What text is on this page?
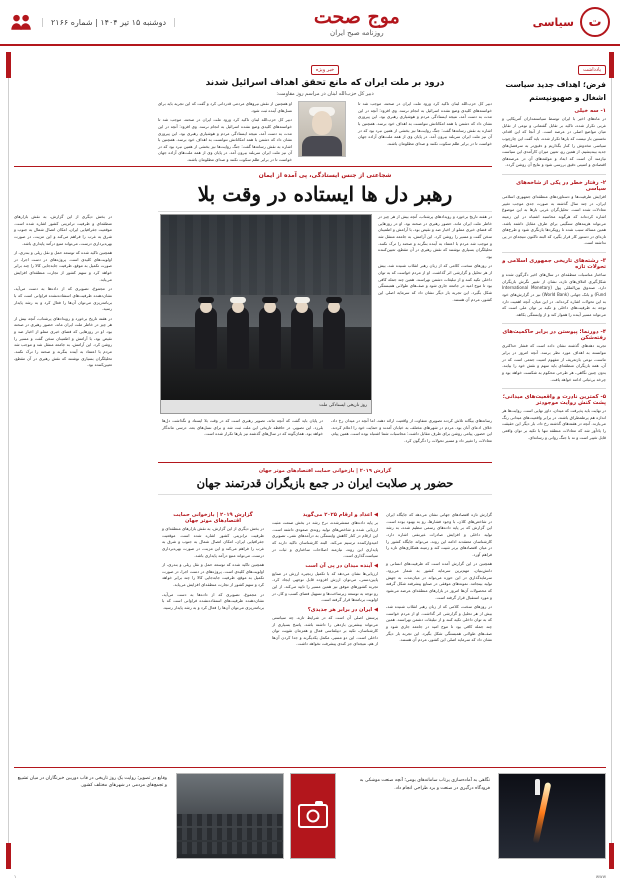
ت
سیاسی
موج صحت
روزنامه صبح ایران
دوشنبه ۱۵ تیر ۱۴۰۴ | شماره ۲۱۶۶
یادداشت
فرض؛ اهداف جدید سیاست
اشغال و صهیونیستم
۱- سه خیلی

در ماه‌های اخیر با ایران توسط سیاستمداران آمریکایی و غربی تکرار شده، تاکید بر تقابل گفتمانی و نوعی از تقابل میان مواضع اصلی در عرصه است. از آنجا که این اقدام، نخستین بار نیست که بارها تکرار شده، باید گفت این چارچوب سیاسی مخدوش را کنار بگذاریم و دقیق‌تر به سرفصل‌های جدید بیندیشیم. از همین رو، تعیین میزان کارآمدی این سیاست نیازمند آن است که ابعاد و مولفه‌های آن در عرصه‌های اقتصادی و امنیتی دقیق بررسی شود و نتایج آن روشن گردد.

۲- رفتار خطر در یکی از شاخه‌های سیاسی

افزایش ظرفیت‌ها و دستاوردهای منطقه‌ای جمهوری اسلامی ایران، در چند سال گذشته به صورت جدی موجب تغییر معادلات شده است. تحلیل‌گران غربی بارها به این موضوع اشاره کرده‌اند که هرگونه محاسبه اشتباه در این زمینه می‌تواند هزینه‌های سنگینی برای طرف مقابل داشته باشد. همین مساله سبب شده تا رویکردها بازنگری شود و طرح‌های تازه‌ای در دستور کار قرار بگیرد که البته تاکنون نتیجه‌ای در پی نداشته است.

۳- رشته‌های تاریخی جمهوری اسلامی و تحولات تازه

ساختار مناسبات منطقه‌ای در سال‌های اخیر دگرگون شده و شکل‌گیری ائتلاف‌های تازه، نشان از تغییر نگرش بازیگران دارد. صندوق بین‌المللی پول (International Monetary Fund) و بانک جهانی (World Bank) نیز در گزارش‌های خود به این تحولات اشاره کرده‌اند. در این میان، آنچه اهمیت دارد توجه به ظرفیت‌های داخلی و تکیه بر توان ملی است که می‌تواند مسیر آینده را هموار کند و از وابستگی بکاهد.

۴- دورنما؛ پیوستن در برابر حاکمیت‌های رفته‌شکن

تجربه دهه‌های گذشته نشان داده است که فشار حداکثری نتوانسته به اهداف مورد نظر برسد. آنچه امروز در برابر ماست، نوعی بازتعریف از مفهوم امنیت جمعی است که در آن، همه بازیگران منطقه‌ای باید سهم و نقش خود را بیابند. بدون چنین نگاهی، هر طرحی محکوم به شکست خواهد بود و چرخه بی‌ثباتی ادامه خواهد یافت.

۵- کمترین نادرت و واقعیت‌های میدانی؛ پشت کنش روایت موجودتر

در نهایت باید پذیرفت که میدان، داور نهایی است. روایت‌ها هر اندازه هم پرطمطراق باشند، در برابر واقعیت‌های میدانی رنگ می‌بازند. آنچه در هفته‌های گذشته رخ داد، بار دیگر این حقیقت را یادآور شد که معادلات منطقه تنها با تکیه بر توان واقعی قابل تغییر است و نه با جنگ روانی و رسانه‌ای.

خبر ویژه
درود بر ملت ایران که مانع تحقق اهداف اسرائیل شدند
دبیر کل حزب‌الله لبنان در مراسم روز مقاومت:

دبیر کل حزب‌الله لبنان تاکید کرد ورود ملت ایران در صحنه، موجب شد تا خواسته‌های کلیدی وضع نشده اسرائیل به انجام نرسد. وی افزود: آنچه در این مدت به دست آمد، نتیجه ایستادگی مردم و هوشیاری رهبری بود. این پیروزی نشان داد که دشمن با همه امکاناتش نتوانست به اهداف خود برسد. همچنین با اشاره به نقش رسانه‌ها گفت: جنگ روایت‌ها نیز بخشی از همین نبرد بود که در آن نیز ملت ایران سربلند بیرون آمد. در پایان وی از همه ملت‌های آزاده جهان خواست تا در برابر ظلم سکوت نکنند و صدای مظلومان باشند.

او همچنین از نقش نیروهای مردمی قدردانی کرد و گفت که این تجربه باید برای نسل‌های آینده ثبت شود.

دبیر کل حزب‌الله لبنان تاکید کرد ورود ملت ایران در صحنه، موجب شد تا خواسته‌های کلیدی وضع نشده اسرائیل به انجام نرسد. وی افزود: آنچه در این مدت به دست آمد، نتیجه ایستادگی مردم و هوشیاری رهبری بود. این پیروزی نشان داد که دشمن با همه امکاناتش نتوانست به اهداف خود برسد. همچنین با اشاره به نقش رسانه‌ها گفت: جنگ روایت‌ها نیز بخشی از همین نبرد بود که در آن نیز ملت ایران سربلند بیرون آمد. در پایان وی از همه ملت‌های آزاده جهان خواست تا در برابر ظلم سکوت نکنند و صدای مظلومان باشند.

شجاعتی از جنس ایستادگی، پی آمده از ایمان
رهبر دل ها ایستاده در وقت بلا
روز تاریخی ایستادگی ملت

در هفته تاریخ برخورد و رویدادهای پرشتاب، آنچه بیش از هر چیز در خاطر ملت ایران ماند، حضور رهبری در صحنه بود. او در روزهایی که فضای خبری مملو از اخبار ضد و نقیض بود، با آرامش و اطمینان سخن گفت و مسیر را روشن کرد. این آرامش، به جامعه منتقل شد و موجب شد مردم با اعتماد به آینده بنگرند و صحنه را ترک نکنند. تحلیلگران بسیاری نوشتند که نقش رهبری در آن مقطع، تعیین‌کننده بود.

در روزهای سخت، کلامی که از زبان رهبر انقلاب شنیده شد، بیش از هر تحلیل و گزارشی اثر گذاشت. او از مردم خواست که به توان داخلی تکیه کنند و از تبلیغات دشمن نهراسند. همین چند جمله کافی بود تا موج امید در جامعه جاری شود و صف‌های طولانی همبستگی شکل بگیرد. این تجربه بار دیگر نشان داد که سرمایه اصلی این کشور، مردم آن هستند.

رسانه‌های بیگانه تلاش کردند تصویری متفاوت از واقعیت ارائه دهند، اما آنچه در میدان رخ داد، خلاف ادعای آنان بود. مردم در شهرهای مختلف به خیابان آمدند و حمایت خود را اعلام کردند. این حضور، پیامی روشن برای طرف مقابل داشت: محاسبات شما اشتباه بوده است. همین پیام، معادلات را تغییر داد و مسیر تحولات را دگرگون کرد.

در پایان باید گفت که آنچه ماند، تصویر رهبری است که در وقت بلا ایستاد و نگذاشت دل‌ها بلرزد. این تصویر، در حافظه تاریخی این ملت ثبت شد و برای نسل‌های بعد، درسی ماندگار خواهد بود. همان‌گونه که در سال‌های گذشته نیز بارها تکرار شده است.

در بخش دیگری از این گزارش، به نقش بازارهای منطقه‌ای و ظرفیت ترانزیتی کشور اشاره شده است. موقعیت جغرافیایی ایران، امکان اتصال شمال به جنوب و شرق به غرب را فراهم می‌کند و این مزیت، در صورت بهره‌برداری درست، می‌تواند منبع درآمد پایداری باشد.

همچنین تاکید شده که توسعه حمل و نقل ریلی و بندری، از اولویت‌های کلیدی است. پروژه‌های در دست اجرا، در صورت تکمیل به موقع، ظرفیت جابه‌جایی کالا را چند برابر خواهد کرد و سهم کشور از تجارت منطقه‌ای افزایش می‌یابد.

در مجموع، تصویری که از داده‌ها به دست می‌آید، نشان‌دهنده ظرفیت‌های استفاده‌نشده فراوانی است که با برنامه‌ریزی می‌توان آن‌ها را فعال کرد و به رشد پایدار رسید.

در هفته تاریخ برخورد و رویدادهای پرشتاب، آنچه بیش از هر چیز در خاطر ملت ایران ماند، حضور رهبری در صحنه بود. او در روزهایی که فضای خبری مملو از اخبار ضد و نقیض بود، با آرامش و اطمینان سخن گفت و مسیر را روشن کرد. این آرامش، به جامعه منتقل شد و موجب شد مردم با اعتماد به آینده بنگرند و صحنه را ترک نکنند. تحلیلگران بسیاری نوشتند که نقش رهبری در آن مقطع، تعیین‌کننده بود.

گزارش ۲۰۱۹ | بازخوانی حمایت اقتصادهای موثر جهان
حضور پر صلابت ایران در جمع بازیگران قدرتمند جهان

گزارش تازه اقتصادهای جهانی نشان می‌دهد که جایگاه ایران در شاخص‌های کلان، با وجود فشارها، رو به بهبود بوده است. این گزارش که بر پایه داده‌های رسمی تنظیم شده، به رشد تولید داخلی و افزایش صادرات غیرنفتی اشاره دارد. کارشناسان معتقدند ادامه این روند، می‌تواند جایگاه کشور را در میان اقتصادهای برتر تثبیت کند و زمینه همکاری‌های تازه را فراهم آورد.

همچنین در این گزارش آمده است که ظرفیت‌های انسانی و دانش‌بنیان، مهم‌ترین سرمایه کشور به شمار می‌رود. سرمایه‌گذاری در این حوزه می‌تواند در میان‌مدت به جهش تولید بینجامد. نمونه‌های موفقی در صنایع پیشرفته شکل گرفته که محصولات آن‌ها امروز در بازارهای منطقه‌ای عرضه می‌شود و مورد استقبال قرار گرفته است.

در روزهای سخت، کلامی که از زبان رهبر انقلاب شنیده شد، بیش از هر تحلیل و گزارشی اثر گذاشت. او از مردم خواست که به توان داخلی تکیه کنند و از تبلیغات دشمن نهراسند. همین چند جمله کافی بود تا موج امید در جامعه جاری شود و صف‌های طولانی همبستگی شکل بگیرد. این تجربه بار دیگر نشان داد که سرمایه اصلی این کشور، مردم آن هستند.

◀ اعداد و ارقام ۲۰۲۵ می‌گوید

بر پایه داده‌های منتشرشده، نرخ رشد در بخش صنعت مثبت ارزیابی شده و شاخص‌های تولید روندی صعودی داشته است. این ارقام در کنار کاهش وابستگی به درآمدهای نفتی، تصویری امیدوارکننده ترسیم می‌کند. البته کارشناسان تاکید دارند که پایداری این روند، نیازمند اصلاحات ساختاری و ثبات در سیاست‌گذاری است.

◀ آینده میدان در پی آن است

ارزیابی‌ها نشان می‌دهد که با تکمیل زنجیره ارزش در صنایع پایین‌دستی، می‌توان ارزش افزوده قابل توجهی ایجاد کرد. تجربه کشورهای موفق نیز همین مسیر را تایید می‌کند. از این رو توجه به توسعه زیرساخت‌ها و تسهیل فضای کسب و کار، در اولویت برنامه‌ها قرار گرفته است.

◀ ایران در برابر هر جدیدی؟

پرسش اصلی آن است که در شرایط تازه، چه سیاستی می‌تواند بیشترین بازدهی را داشته باشد. پاسخ بسیاری از کارشناسان، تکیه بر دیپلماسی فعال و همزمان تقویت توان داخلی است. این دو مسیر، مکمل یکدیگرند و جدا کردن آن‌ها از هم، نتیجه‌ای جز کندی پیشرفت نخواهد داشت.

گزارش ۲۰۱۹ | بازخوانی حمایت اقتصادهای موثر جهان

در بخش دیگری از این گزارش، به نقش بازارهای منطقه‌ای و ظرفیت ترانزیتی کشور اشاره شده است. موقعیت جغرافیایی ایران، امکان اتصال شمال به جنوب و شرق به غرب را فراهم می‌کند و این مزیت، در صورت بهره‌برداری درست، می‌تواند منبع درآمد پایداری باشد.

همچنین تاکید شده که توسعه حمل و نقل ریلی و بندری، از اولویت‌های کلیدی است. پروژه‌های در دست اجرا، در صورت تکمیل به موقع، ظرفیت جابه‌جایی کالا را چند برابر خواهد کرد و سهم کشور از تجارت منطقه‌ای افزایش می‌یابد.

در مجموع، تصویری که از داده‌ها به دست می‌آید، نشان‌دهنده ظرفیت‌های استفاده‌نشده فراوانی است که با برنامه‌ریزی می‌توان آن‌ها را فعال کرد و به رشد پایدار رسید.

نگاهی به آماده‌سازی پرتاب سامانه‌های بومی؛ آنچه صنعت موشکی به فرودگاه درگیری در صنعت و برد طراحی انجام داد.
وقایع در تصویر؛ روایت یک روز تاریخی در قاب دوربین خبرنگاران در میان تشییع و تجمع‌های مردمی در شهرهای مختلف کشور.
www
۱
